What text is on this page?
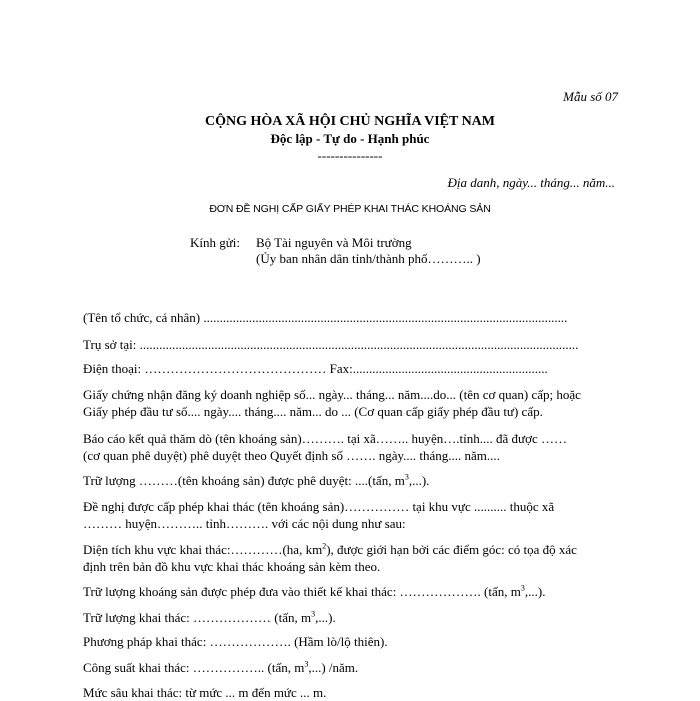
Mẫu số 07
CỘNG HÒA XÃ HỘI CHỦ NGHĨA VIỆT NAM
Độc lập - Tự do - Hạnh phúc
---------------
Địa danh, ngày... tháng... năm...
ĐƠN ĐỀ NGHỊ CẤP GIẤY PHÉP KHAI THÁC KHOÁNG SẢN
Kính gửi: Bộ Tài nguyên và Môi trường
(Ủy ban nhân dân tỉnh/thành phố……….. )
(Tên tổ chức, cá nhân) ................................................................................................................
Trụ sở tại: .......................................................................................................................................
Điện thoại: …………………………………… Fax:............................................................
Giấy chứng nhận đăng ký doanh nghiệp số... ngày... tháng... năm....do... (tên cơ quan) cấp; hoặc
Giấy phép đầu tư số.... ngày.... tháng.... năm... do ... (Cơ quan cấp giấy phép đầu tư) cấp.
Báo cáo kết quả thăm dò (tên khoáng sản)………. tại xã…….. huyện….tỉnh.... đã được ……
(cơ quan phê duyệt) phê duyệt theo Quyết định số ……. ngày.... tháng.... năm....
Trữ lượng ………(tên khoáng sản) được phê duyệt: ....(tấn, $m^3$,...).
Đề nghị được cấp phép khai thác (tên khoáng sản)…………… tại khu vực .......... thuộc xã
……… huyện……….. tỉnh………. với các nội dung như sau:
Diện tích khu vực khai thác:…………(ha, $km^2$), được giới hạn bởi các điểm góc: có tọa độ xác
định trên bản đồ khu vực khai thác khoáng sản kèm theo.
Trữ lượng khoáng sản được phép đưa vào thiết kế khai thác: ………………. (tấn, $m^3$,...).
Trữ lượng khai thác: ……………… (tấn, $m^3$,...).
Phương pháp khai thác: ………………. (Hầm lò/lộ thiên).
Công suất khai thác: …………….. (tấn, $m^3$,...) /năm.
Mức sâu khai thác: từ mức ... m đến mức ... m.
